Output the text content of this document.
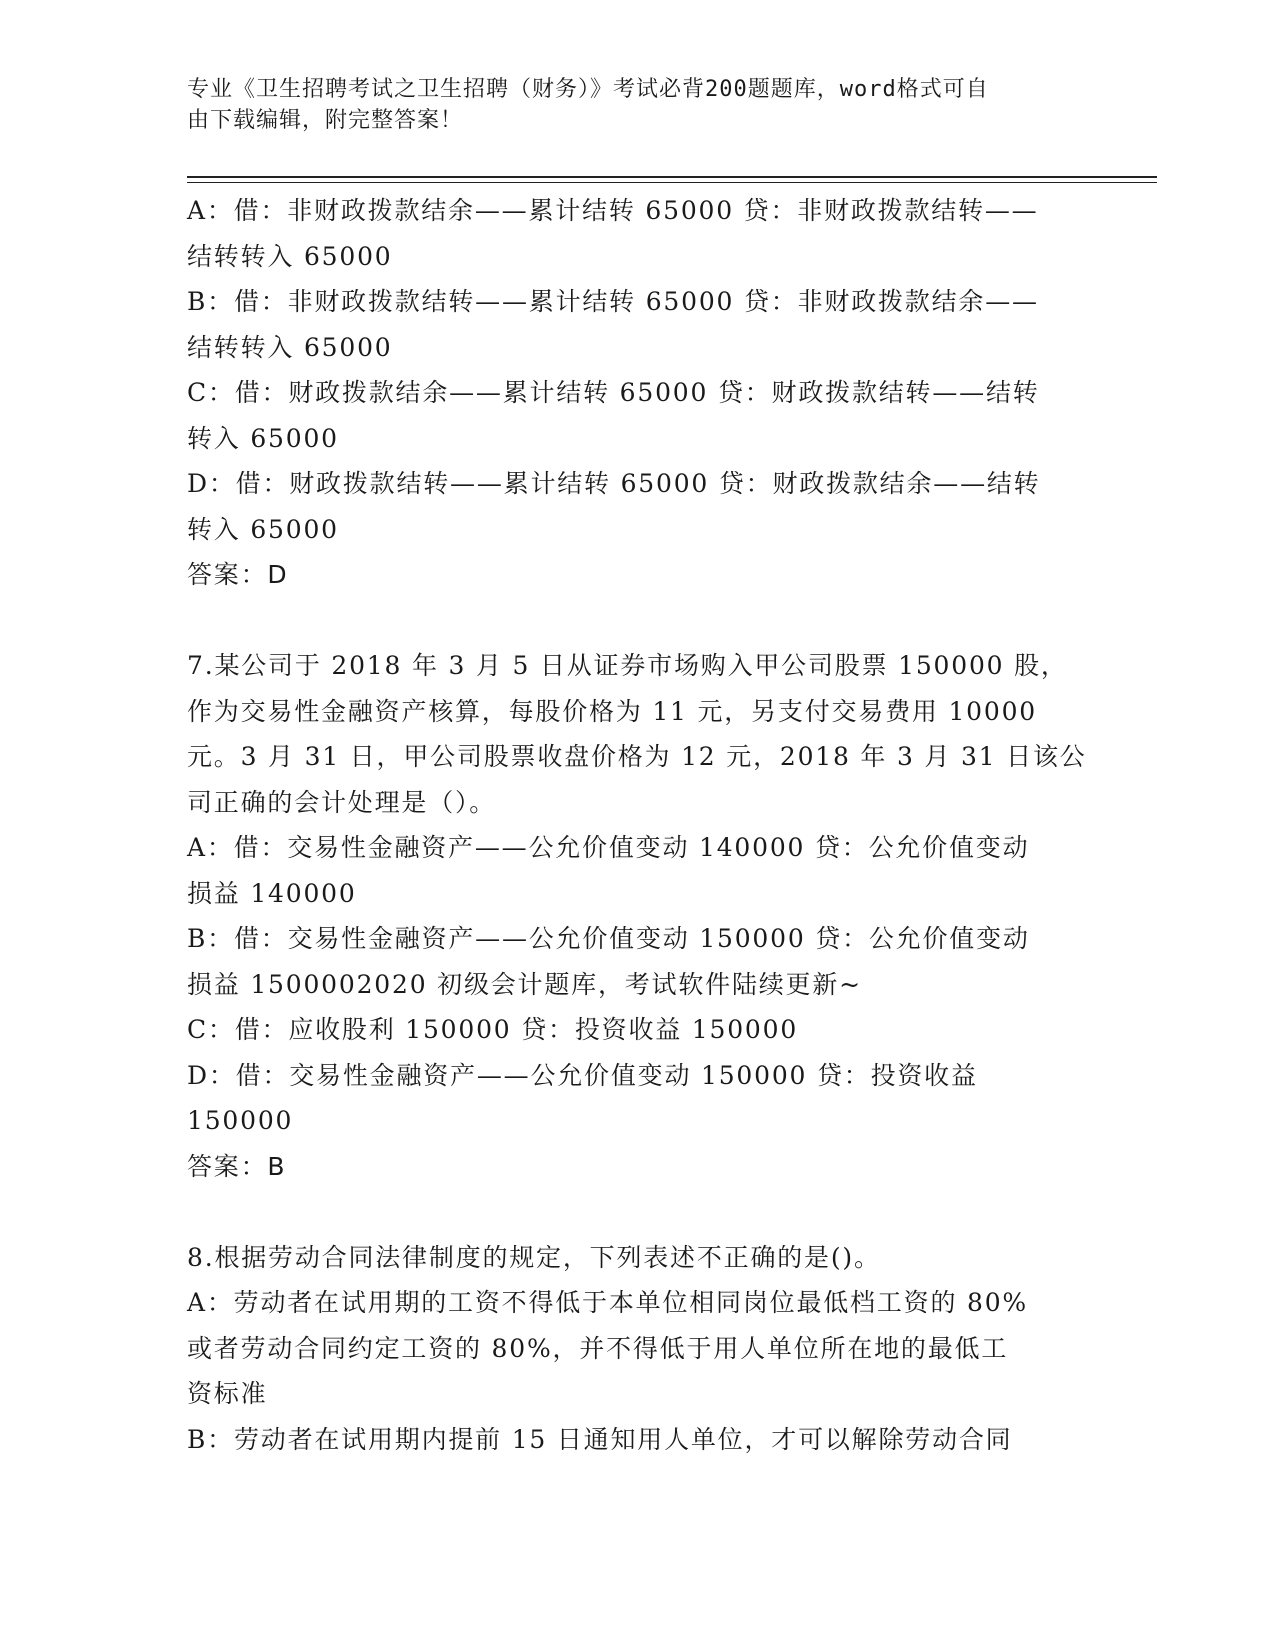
专业《卫生招聘考试之卫生招聘（财务）》考试必背200题题库，word格式可自
由下载编辑，附完整答案！
A：借：非财政拨款结余——累计结转 65000 贷：非财政拨款结转——
结转转入 65000
B：借：非财政拨款结转——累计结转 65000 贷：非财政拨款结余——
结转转入 65000
C：借：财政拨款结余——累计结转 65000 贷：财政拨款结转——结转
转入 65000
D：借：财政拨款结转——累计结转 65000 贷：财政拨款结余——结转
转入 65000
答案：D
7.某公司于 2018 年 3 月 5 日从证券市场购入甲公司股票 150000 股，
作为交易性金融资产核算，每股价格为 11 元，另支付交易费用 10000
元。3 月 31 日，甲公司股票收盘价格为 12 元，2018 年 3 月 31 日该公
司正确的会计处理是（）。
A：借：交易性金融资产——公允价值变动 140000 贷：公允价值变动
损益 140000
B：借：交易性金融资产——公允价值变动 150000 贷：公允价值变动
损益 1500002020 初级会计题库，考试软件陆续更新~
C：借：应收股利 150000 贷：投资收益 150000
D：借：交易性金融资产——公允价值变动 150000 贷：投资收益
150000
答案：B
8.根据劳动合同法律制度的规定，下列表述不正确的是()。
A：劳动者在试用期的工资不得低于本单位相同岗位最低档工资的 80%
或者劳动合同约定工资的 80%，并不得低于用人单位所在地的最低工
资标准
B：劳动者在试用期内提前 15 日通知用人单位，才可以解除劳动合同
